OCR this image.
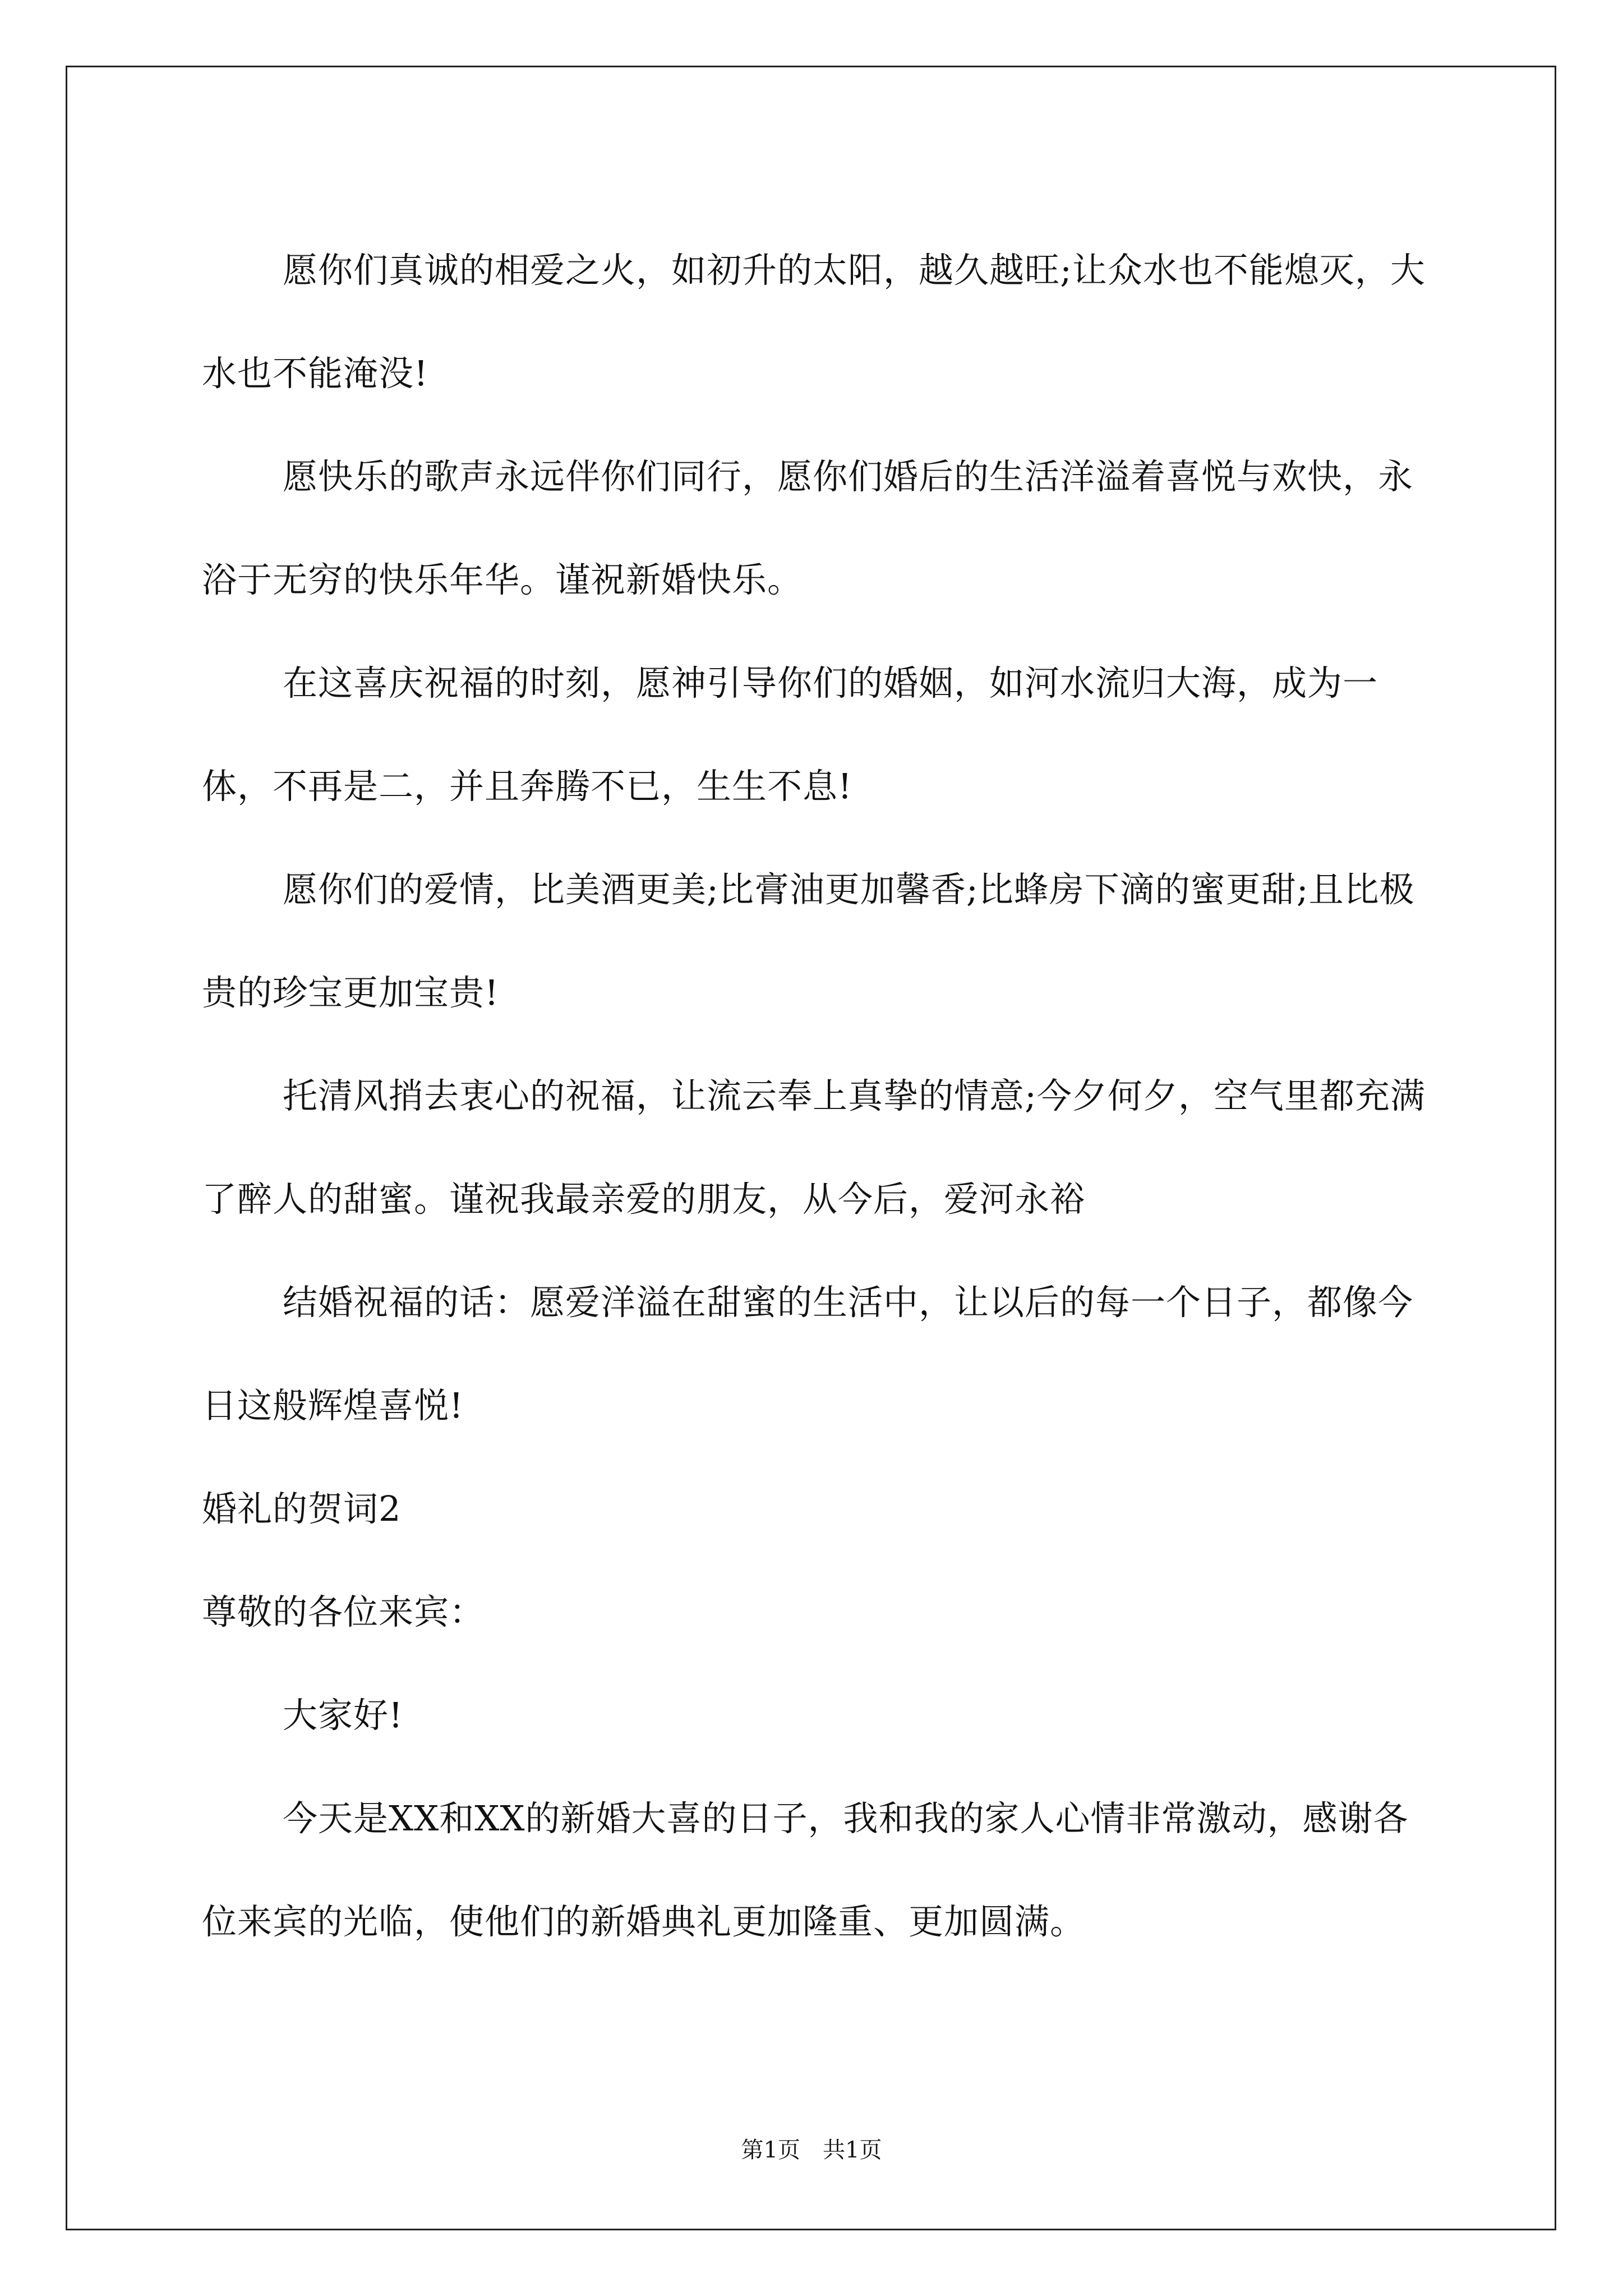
愿你们真诚的相爱之火，如初升的太阳，越久越旺;让众水也不能熄灭，大水也不能淹没!

愿快乐的歌声永远伴你们同行，愿你们婚后的生活洋溢着喜悦与欢快，永浴于无穷的快乐年华。谨祝新婚快乐。

在这喜庆祝福的时刻，愿神引导你们的婚姻，如河水流归大海，成为一体，不再是二，并且奔腾不已，生生不息!

愿你们的爱情，比美酒更美;比膏油更加馨香;比蜂房下滴的蜜更甜;且比极贵的珍宝更加宝贵!

托清风捎去衷心的祝福，让流云奉上真挚的情意;今夕何夕，空气里都充满了醉人的甜蜜。谨祝我最亲爱的朋友，从今后，爱河永裕

结婚祝福的话：愿爱洋溢在甜蜜的生活中，让以后的每一个日子，都像今日这般辉煌喜悦!

婚礼的贺词2

尊敬的各位来宾：

大家好!

今天是XX和XX的新婚大喜的日子，我和我的家人心情非常激动，感谢各位来宾的光临，使他们的新婚典礼更加隆重、更加圆满。

第1页　共1页
